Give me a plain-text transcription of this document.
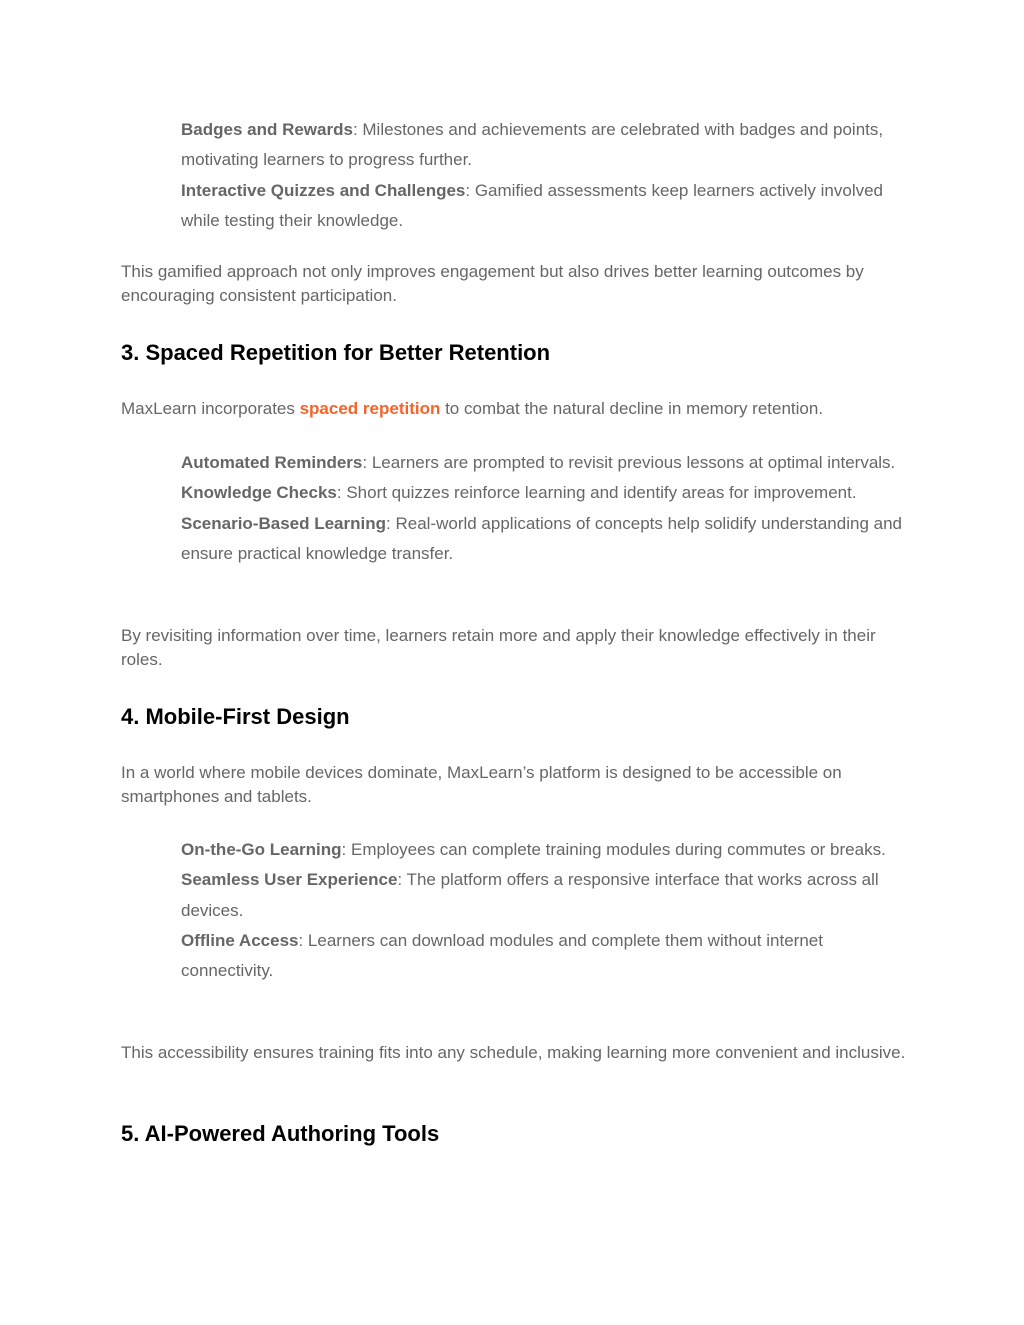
Badges and Rewards: Milestones and achievements are celebrated with badges and points, motivating learners to progress further.

Interactive Quizzes and Challenges: Gamified assessments keep learners actively involved while testing their knowledge.

This gamified approach not only improves engagement but also drives better learning outcomes by encouraging consistent participation.

3. Spaced Repetition for Better Retention

MaxLearn incorporates spaced repetition to combat the natural decline in memory retention.

Automated Reminders: Learners are prompted to revisit previous lessons at optimal intervals.

Knowledge Checks: Short quizzes reinforce learning and identify areas for improvement.

Scenario-Based Learning: Real-world applications of concepts help solidify understanding and ensure practical knowledge transfer.

By revisiting information over time, learners retain more and apply their knowledge effectively in their roles.

4. Mobile-First Design

In a world where mobile devices dominate, MaxLearn’s platform is designed to be accessible on smartphones and tablets.

On-the-Go Learning: Employees can complete training modules during commutes or breaks.

Seamless User Experience: The platform offers a responsive interface that works across all devices.

Offline Access: Learners can download modules and complete them without internet connectivity.

This accessibility ensures training fits into any schedule, making learning more convenient and inclusive.

5. AI-Powered Authoring Tools
